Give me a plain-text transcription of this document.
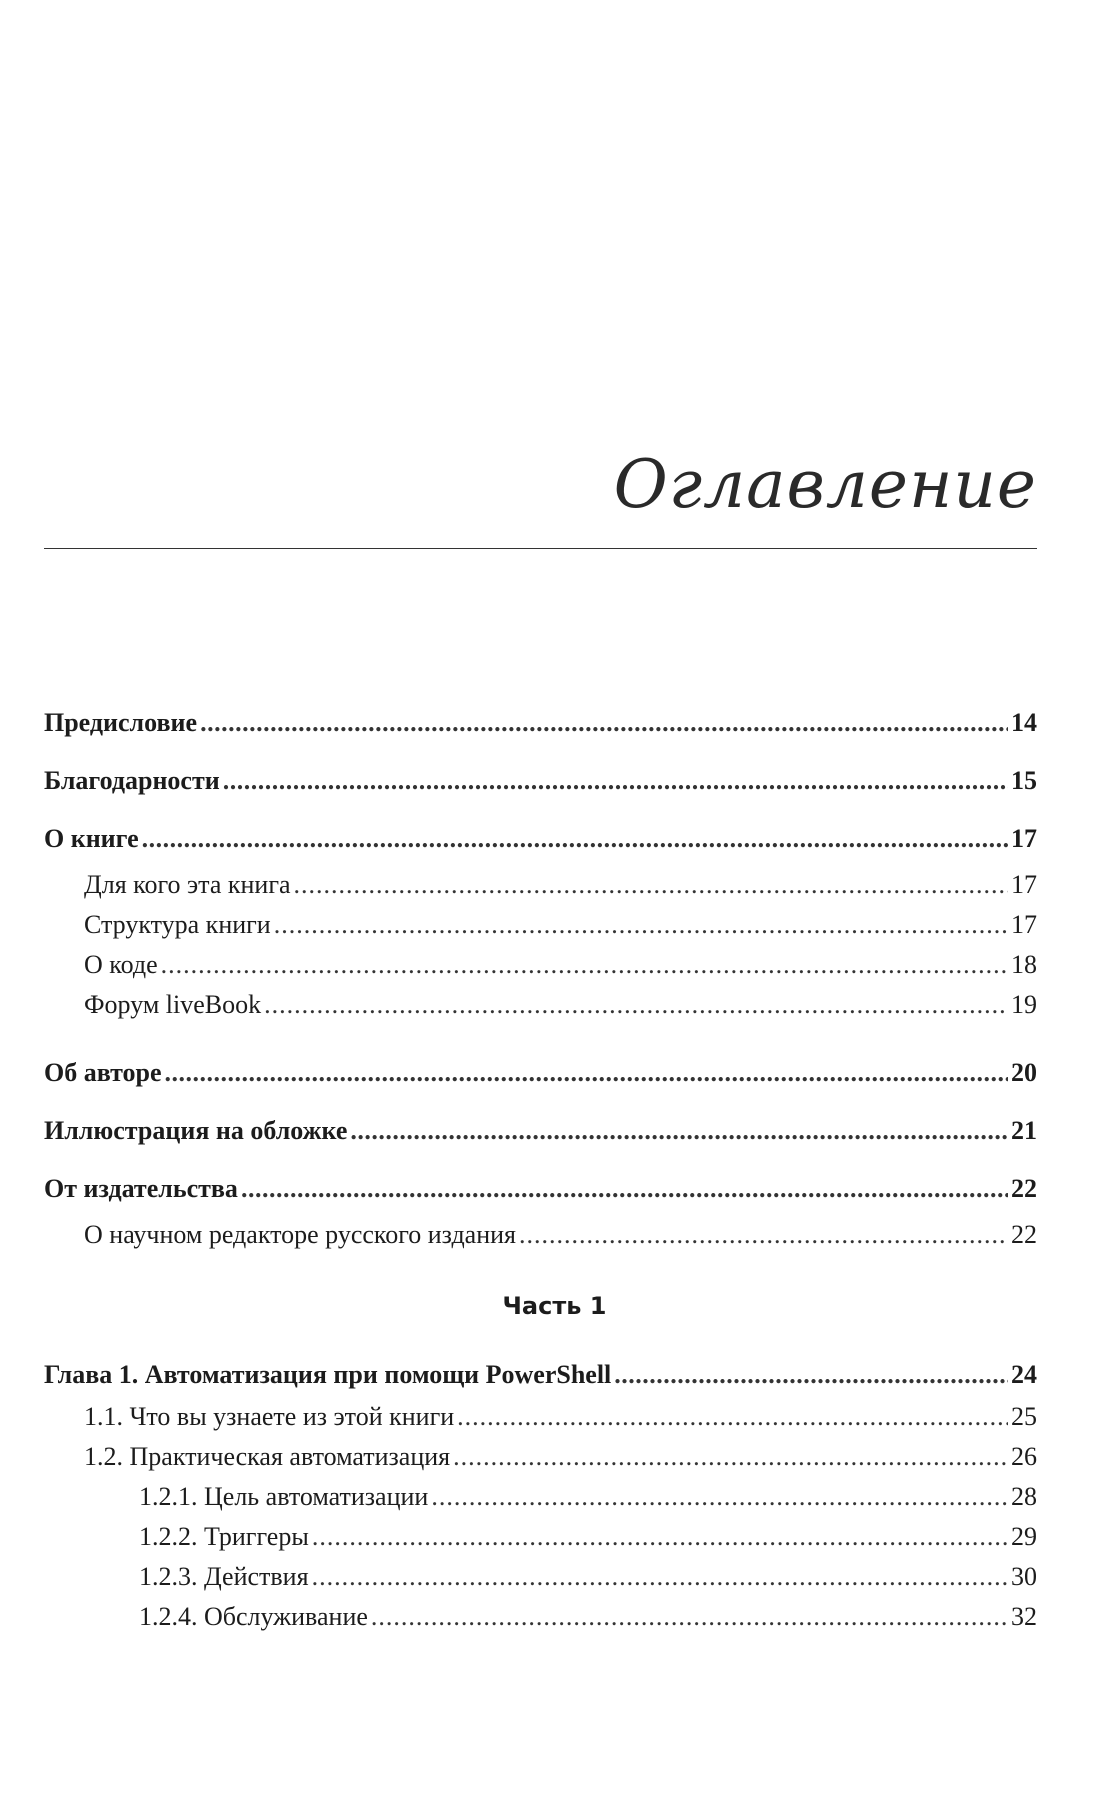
Оглавление
Предисловие .....	14
Благодарности .....	15
О книге .....	17
Для кого эта книга .....	17
Структура книги .....	17
О коде .....	18
Форум liveBook .....	19
Об авторе .....	20
Иллюстрация на обложке .....	21
От издательства .....	22
О научном редакторе русского издания .....	22
Глава 1. Автоматизация при помощи PowerShell .....	24
1.1. Что вы узнаете из этой книги .....	25
1.2. Практическая автоматизация .....	26
1.2.1. Цель автоматизации .....	28
1.2.2. Триггеры .....	29
1.2.3. Действия .....	30
1.2.4. Обслуживание .....	32
Часть 1
